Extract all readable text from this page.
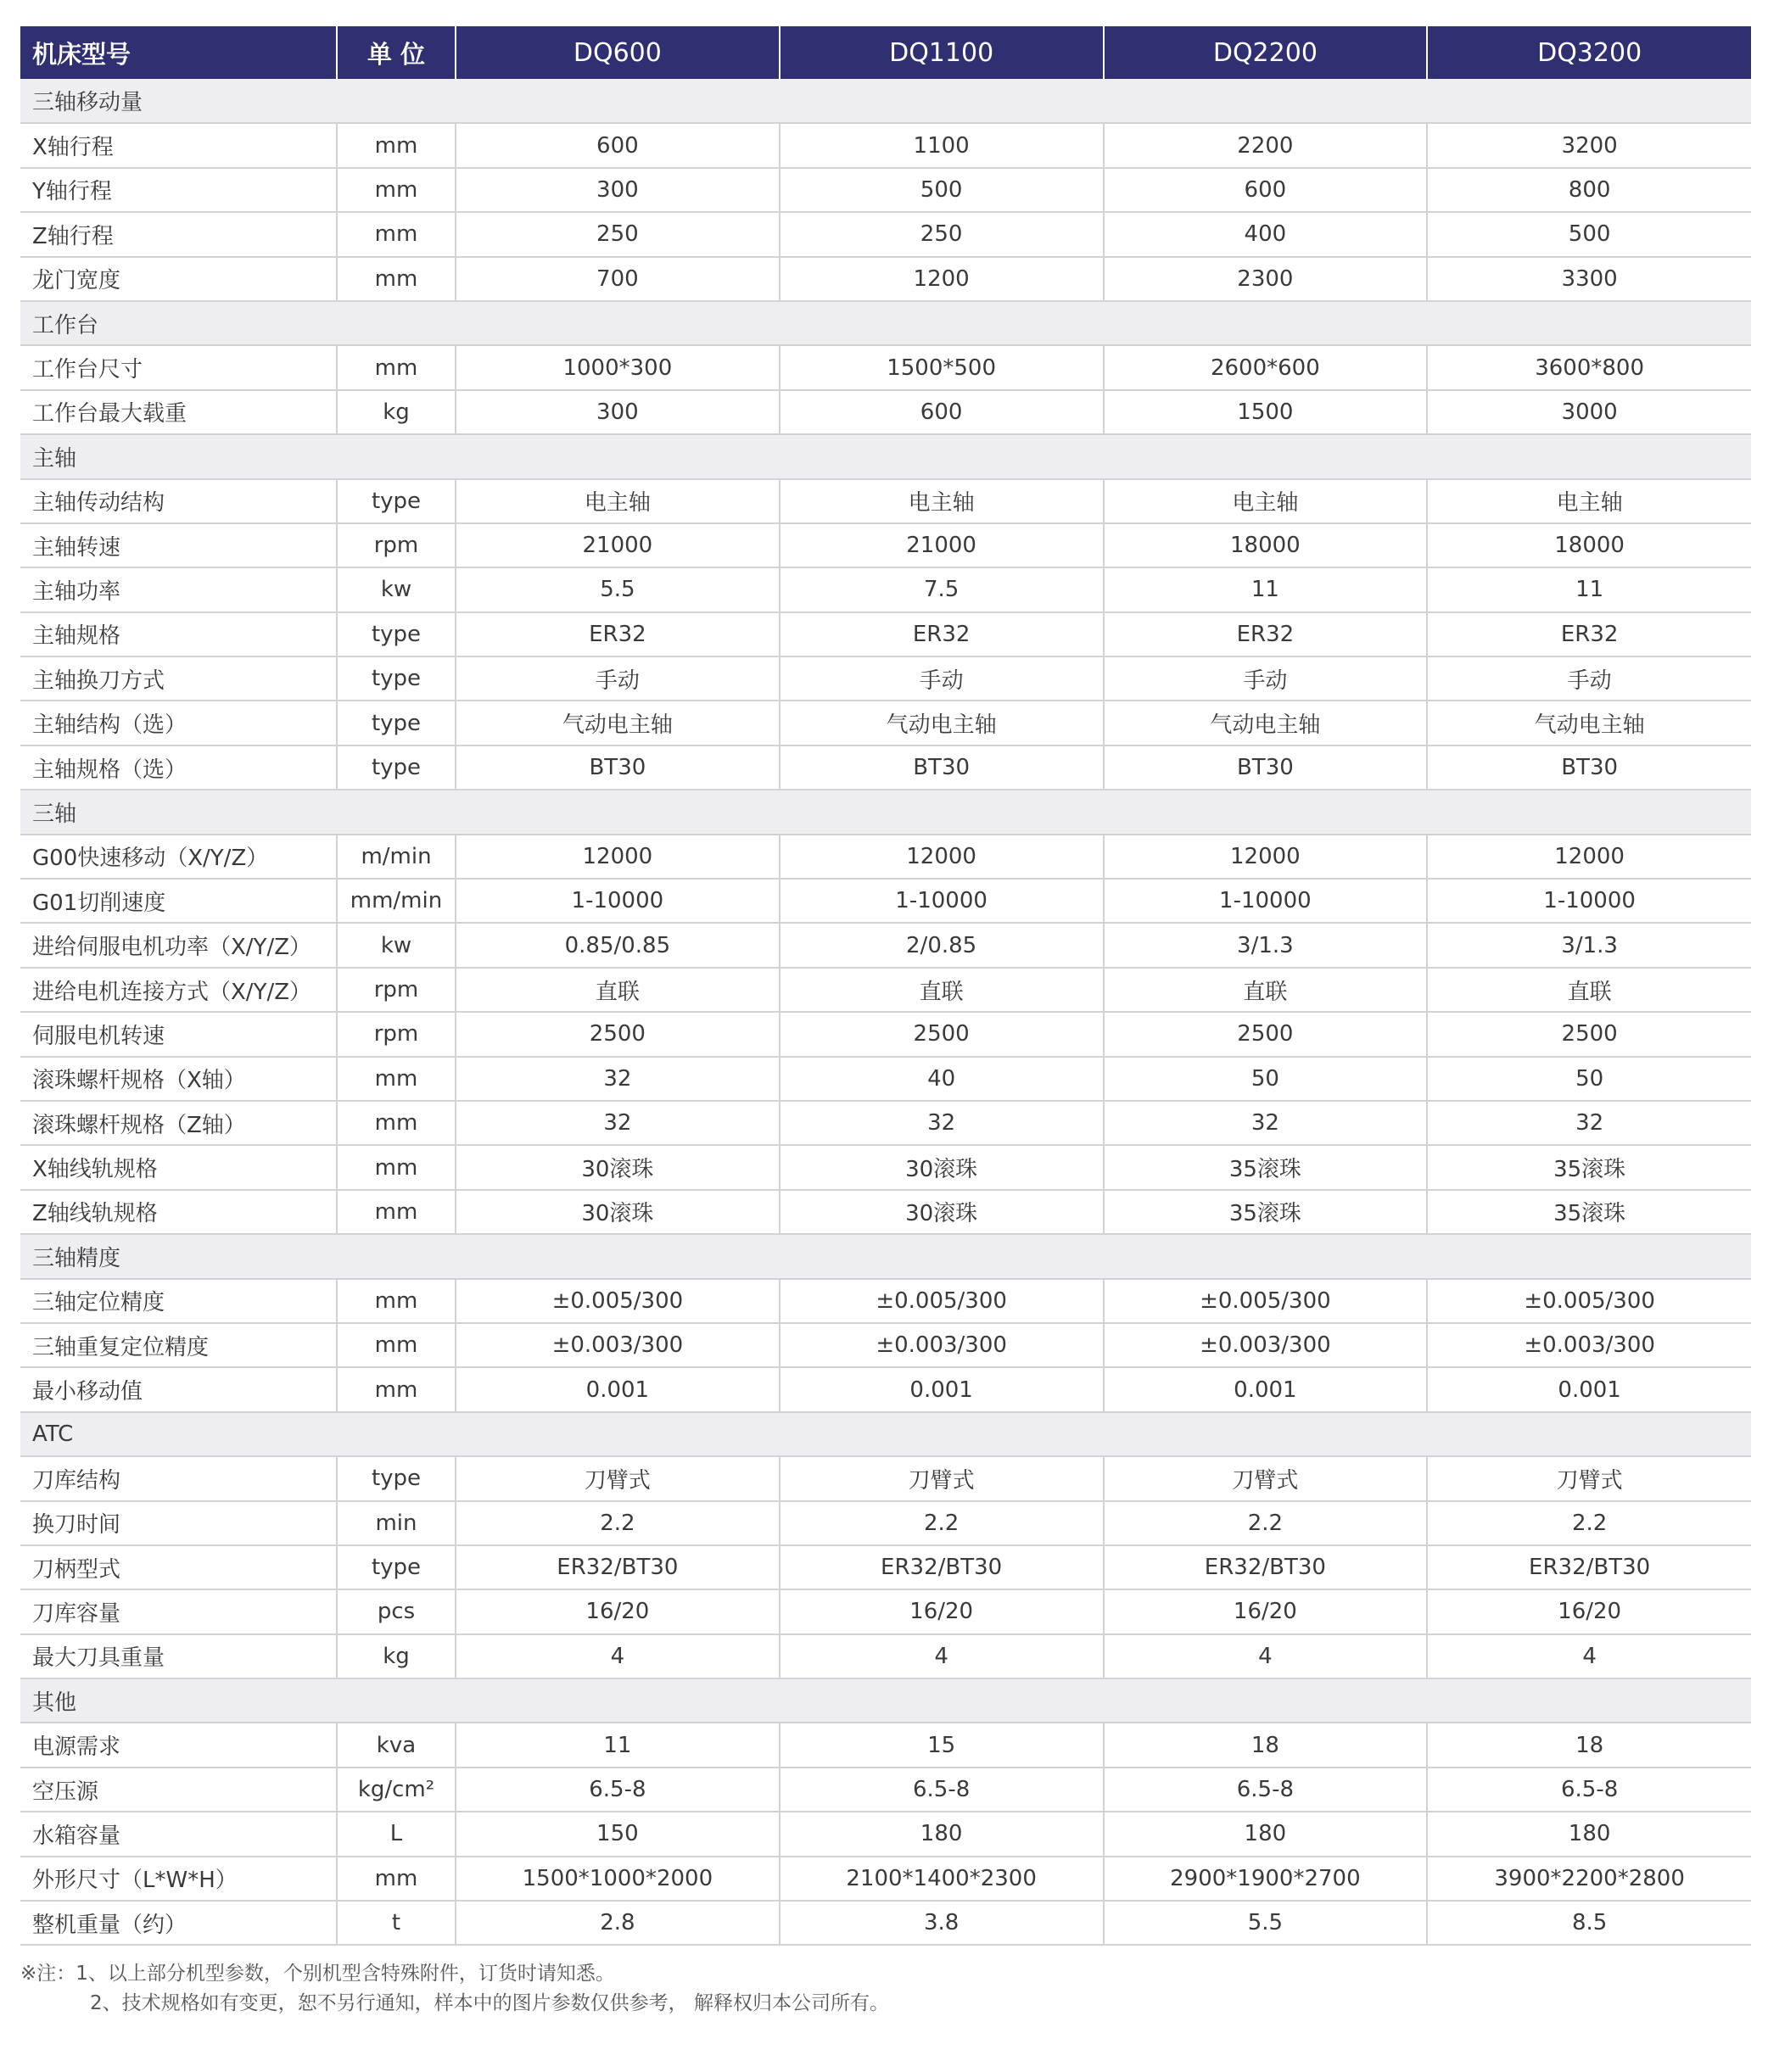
机床型号	单 位	DQ600	DQ1100	DQ2200	DQ3200
三轴移动量					
X轴行程	mm	600	1100	2200	3200
Y轴行程	mm	300	500	600	800
Z轴行程	mm	250	250	400	500
龙门宽度	mm	700	1200	2300	3300
工作台					
工作台尺寸	mm	1000*300	1500*500	2600*600	3600*800
工作台最大载重	kg	300	600	1500	3000
主轴					
主轴传动结构	type	电主轴	电主轴	电主轴	电主轴
主轴转速	rpm	21000	21000	18000	18000
主轴功率	kw	5.5	7.5	11	11
主轴规格	type	ER32	ER32	ER32	ER32
主轴换刀方式	type	手动	手动	手动	手动
主轴结构（选）	type	气动电主轴	气动电主轴	气动电主轴	气动电主轴
主轴规格（选）	type	BT30	BT30	BT30	BT30
三轴					
G00快速移动（X/Y/Z）	m/min	12000	12000	12000	12000
G01切削速度	mm/min	1-10000	1-10000	1-10000	1-10000
进给伺服电机功率（X/Y/Z）	kw	0.85/0.85	2/0.85	3/1.3	3/1.3
进给电机连接方式（X/Y/Z）	rpm	直联	直联	直联	直联
伺服电机转速	rpm	2500	2500	2500	2500
滚珠螺杆规格（X轴）	mm	32	40	50	50
滚珠螺杆规格（Z轴）	mm	32	32	32	32
X轴线轨规格	mm	30滚珠	30滚珠	35滚珠	35滚珠
Z轴线轨规格	mm	30滚珠	30滚珠	35滚珠	35滚珠
三轴精度					
三轴定位精度	mm	±0.005/300	±0.005/300	±0.005/300	±0.005/300
三轴重复定位精度	mm	±0.003/300	±0.003/300	±0.003/300	±0.003/300
最小移动值	mm	0.001	0.001	0.001	0.001
ATC					
刀库结构	type	刀臂式	刀臂式	刀臂式	刀臂式
换刀时间	min	2.2	2.2	2.2	2.2
刀柄型式	type	ER32/BT30	ER32/BT30	ER32/BT30	ER32/BT30
刀库容量	pcs	16/20	16/20	16/20	16/20
最大刀具重量	kg	4	4	4	4
其他					
电源需求	kva	11	15	18	18
空压源	kg/cm²	6.5-8	6.5-8	6.5-8	6.5-8
水箱容量	L	150	180	180	180
外形尺寸（L*W*H）	mm	1500*1000*2000	2100*1400*2300	2900*1900*2700	3900*2200*2800
整机重量（约）	t	2.8	3.8	5.5	8.5
※注：1、以上部分机型参数，个别机型含特殊附件，订货时请知悉。
2、技术规格如有变更，恕不另行通知，样本中的图片参数仅供参考， 解释权归本公司所有。
